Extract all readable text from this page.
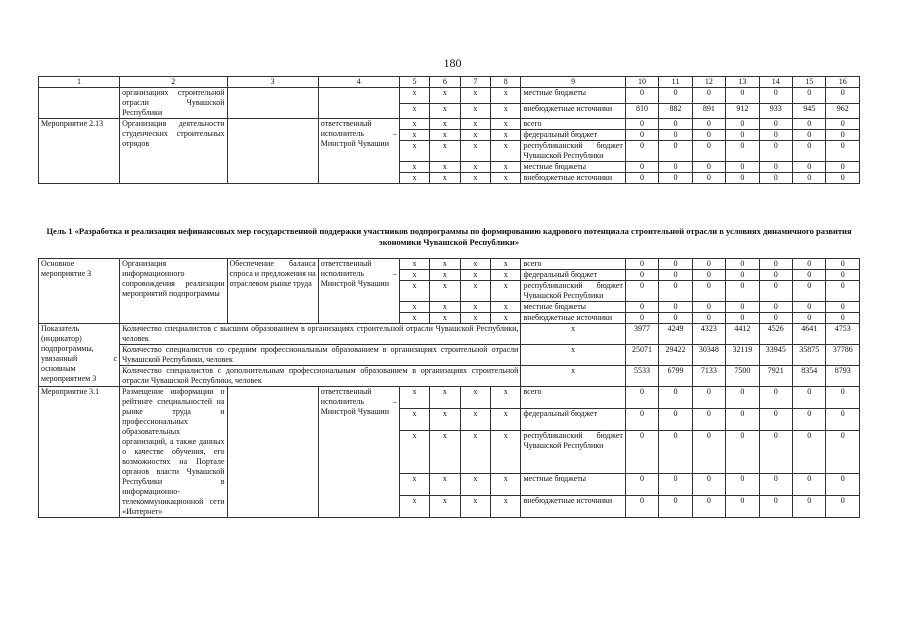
180
1	2	3	4	5	6	7	8	9	10	11	12	13	14	15	16
	организациях строительной отрасли Чувашской Республики			х	х	х	х	местные бюджеты	0	0	0	0	0	0	0
				х	х	х	х	внебюджетные источники	810	882	891	912	933	945	962
Мероприятие 2.13	Организация деятельности студенческих строительных отрядов		ответственный исполнитель – Минстрой Чувашии	х	х	х	х	всего	0	0	0	0	0	0	0
				х	х	х	х	федеральный бюджет	0	0	0	0	0	0	0
				х	х	х	х	республиканский бюджет Чувашской Республики	0	0	0	0	0	0	0
				х	х	х	х	местные бюджеты	0	0	0	0	0	0	0
				х	х	х	х	внебюджетные источники	0	0	0	0	0	0	0
Цель 1 «Разработка и реализация нефинансовых мер государственной поддержки участников подпрограммы по формированию кадрового потенциала строительной отрасли в условиях динамичного развития экономики Чувашской Республики»
Основное мероприятие 3	Организация информационного сопровождения реализации мероприятий подпрограммы	Обеспечение баланса спроса и предложения на отраслевом рынке труда	ответственный исполнитель – Минстрой Чувашии	х	х	х	х	всего	0	0	0	0	0	0	0
				х	х	х	х	федеральный бюджет	0	0	0	0	0	0	0
				х	х	х	х	республиканский бюджет Чувашской Республики	0	0	0	0	0	0	0
				х	х	х	х	местные бюджеты	0	0	0	0	0	0	0
				х	х	х	х	внебюджетные источники	0	0	0	0	0	0	0
Показатель (индикатор) подпрограммы, увязанный с основным мероприятием 3	Количество специалистов с высшим образованием в организациях строительной отрасли Чувашской Республики, человек							х	3977	4249	4323	4412	4526	4641	4753
	Количество специалистов со средним профессиональным образованием в организациях строительной отрасли Чувашской Республики, человек							х	25071	29422	30348	32119	33945	35875	37786
	Количество специалистов с дополнительным профессиональным образованием в организациях строительной отрасли Чувашской Республики, человек							х	5533	6799	7133	7500	7921	8354	8793
Мероприятие 3.1	Размещение информации о рейтинге специальностей на рынке труда и профессиональных образовательных организаций, а также данных о качестве обучения, его возможностях на Портале органов власти Чувашской Республики в информационно-телекоммуникационной сети «Интернет»		ответственный исполнитель – Минстрой Чувашии	х	х	х	х	всего	0	0	0	0	0	0	0
				х	х	х	х	федеральный бюджет	0	0	0	0	0	0	0
				х	х	х	х	республиканский бюджет Чувашской Республики	0	0	0	0	0	0	0
				х	х	х	х	местные бюджеты	0	0	0	0	0	0	0
				х	х	х	х	внебюджетные источники	0	0	0	0	0	0	0
